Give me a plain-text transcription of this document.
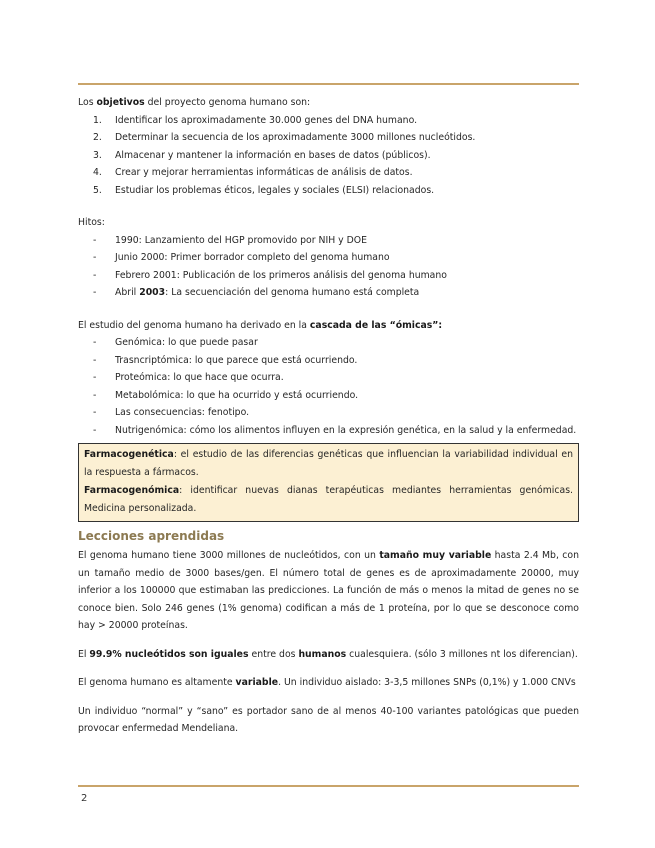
Los objetivos del proyecto genoma humano son:

1.	Identificar los aproximadamente 30.000 genes del DNA humano.
2.	Determinar la secuencia de los aproximadamente 3000 millones nucleótidos.
3.	Almacenar y mantener la información en bases de datos (públicos).
4.	Crear y mejorar herramientas informáticas de análisis de datos.
5.	Estudiar los problemas éticos, legales y sociales (ELSI) relacionados.

Hitos:

-	1990: Lanzamiento del HGP promovido por NIH y DOE
-	Junio 2000: Primer borrador completo del genoma humano
-	Febrero 2001: Publicación de los primeros análisis del genoma humano
-	Abril 2003: La secuenciación del genoma humano está completa

El estudio del genoma humano ha derivado en la cascada de las “ómicas”:

-	Genómica: lo que puede pasar
-	Trasncriptómica: lo que parece que está ocurriendo.
-	Proteómica: lo que hace que ocurra.
-	Metabolómica: lo que ha ocurrido y está ocurriendo.
-	Las consecuencias: fenotipo.
-	Nutrigenómica: cómo los alimentos influyen en la expresión genética, en la salud y la enfermedad.

Farmacogenética: el estudio de las diferencias genéticas que influencian la variabilidad individual en la respuesta a fármacos.

Farmacogenómica: identificar nuevas dianas terapéuticas mediantes herramientas genómicas. Medicina personalizada.

Lecciones aprendidas

El genoma humano tiene 3000 millones de nucleótidos, con un tamaño muy variable hasta 2.4 Mb, con un tamaño medio de 3000 bases/gen. El número total de genes es de aproximadamente 20000, muy inferior a los 100000 que estimaban las predicciones. La función de más o menos la mitad de genes no se conoce bien. Solo 246 genes (1% genoma) codifican a más de 1 proteína, por lo que se desconoce como hay > 20000 proteínas.

El 99.9% nucleótidos son iguales entre dos humanos cualesquiera. (sólo 3 millones nt los diferencian).

El genoma humano es altamente variable. Un individuo aislado: 3-3,5 millones SNPs (0,1%) y 1.000 CNVs

Un individuo “normal” y “sano” es portador sano de al menos 40-100 variantes patológicas que pueden provocar enfermedad Mendeliana.

2
